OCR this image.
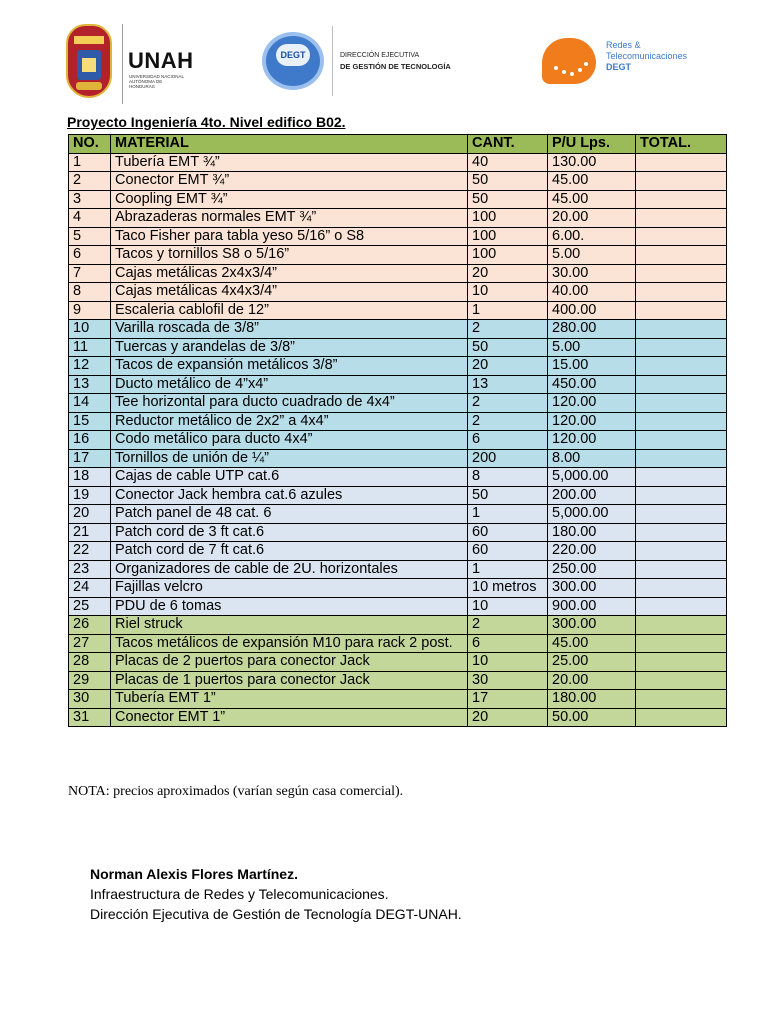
UNAH
UNIVERSIDAD NACIONAL AUTÓNOMA DE HONDURAS
DEGT	DIRECCIÓN EJECUTIVA
DE GESTIÓN DE TECNOLOGÍA
Redes &
Telecomunicaciones
DEGT
Proyecto Ingeniería 4to. Nivel edifico B02.
NO.	MATERIAL	CANT.	P/U Lps.	TOTAL.
1	Tubería EMT ¾”	40	130.00	
2	Conector EMT ¾”	50	45.00	
3	Coopling EMT ¾”	50	45.00	
4	Abrazaderas normales EMT ¾”	100	20.00	
5	Taco Fisher para tabla yeso 5/16” o S8	100	6.00.	
6	Tacos y tornillos S8 o 5/16”	100	5.00	
7	Cajas metálicas 2x4x3/4”	20	30.00	
8	Cajas metálicas 4x4x3/4”	10	40.00	
9	Escaleria cablofil de 12”	1	400.00	
10	Varilla roscada de 3/8”	2	280.00	
11	Tuercas y arandelas de 3/8”	50	5.00	
12	Tacos de expansión metálicos 3/8”	20	15.00	
13	Ducto metálico de 4”x4”	13	450.00	
14	Tee horizontal para ducto cuadrado de 4x4”	2	120.00	
15	Reductor metálico de 2x2” a 4x4”	2	120.00	
16	Codo metálico para ducto 4x4”	6	120.00	
17	Tornillos de unión de ¼”	200	8.00	
18	Cajas de cable UTP cat.6	8	5,000.00	
19	Conector Jack hembra cat.6 azules	50	200.00	
20	Patch panel de 48 cat. 6	1	5,000.00	
21	Patch cord de 3 ft cat.6	60	180.00	
22	Patch cord de 7 ft cat.6	60	220.00	
23	Organizadores de cable de 2U. horizontales	1	250.00	
24	Fajillas velcro	10 metros	300.00	
25	PDU de 6 tomas	10	900.00	
26	Riel struck	2	300.00	
27	Tacos metálicos de expansión M10 para rack 2 post.	6	45.00	
28	Placas de 2 puertos para conector Jack	10	25.00	
29	Placas de 1 puertos para conector Jack	30	20.00	
30	Tubería EMT 1”	17	180.00	
31	Conector EMT 1”	20	50.00	
NOTA: precios aproximados (varían según casa comercial).
Norman Alexis Flores Martínez.
Infraestructura de Redes y Telecomunicaciones.
Dirección Ejecutiva de Gestión de Tecnología DEGT-UNAH.
